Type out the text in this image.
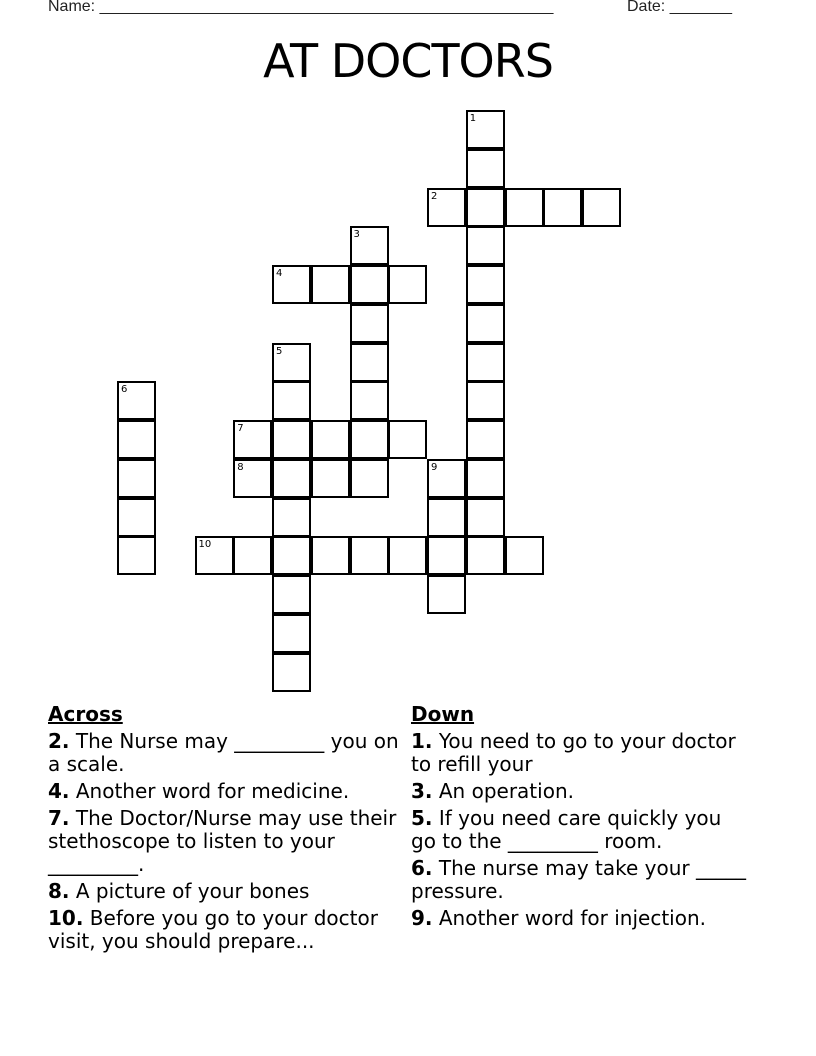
Name: ___________________________________________________	Date: _______
AT DOCTORS
1
2
3
4
5
6
7
8	9
10
Across
2. The Nurse may _________ you on a scale.
4. Another word for medicine.
7. The Doctor/Nurse may use their stethoscope to listen to your _________.
8. A picture of your bones
10. Before you go to your doctor visit, you should prepare...
Down
1. You need to go to your doctor to refill your
3. An operation.
5. If you need care quickly you go to the _________ room.
6. The nurse may take your _____ pressure.
9. Another word for injection.
